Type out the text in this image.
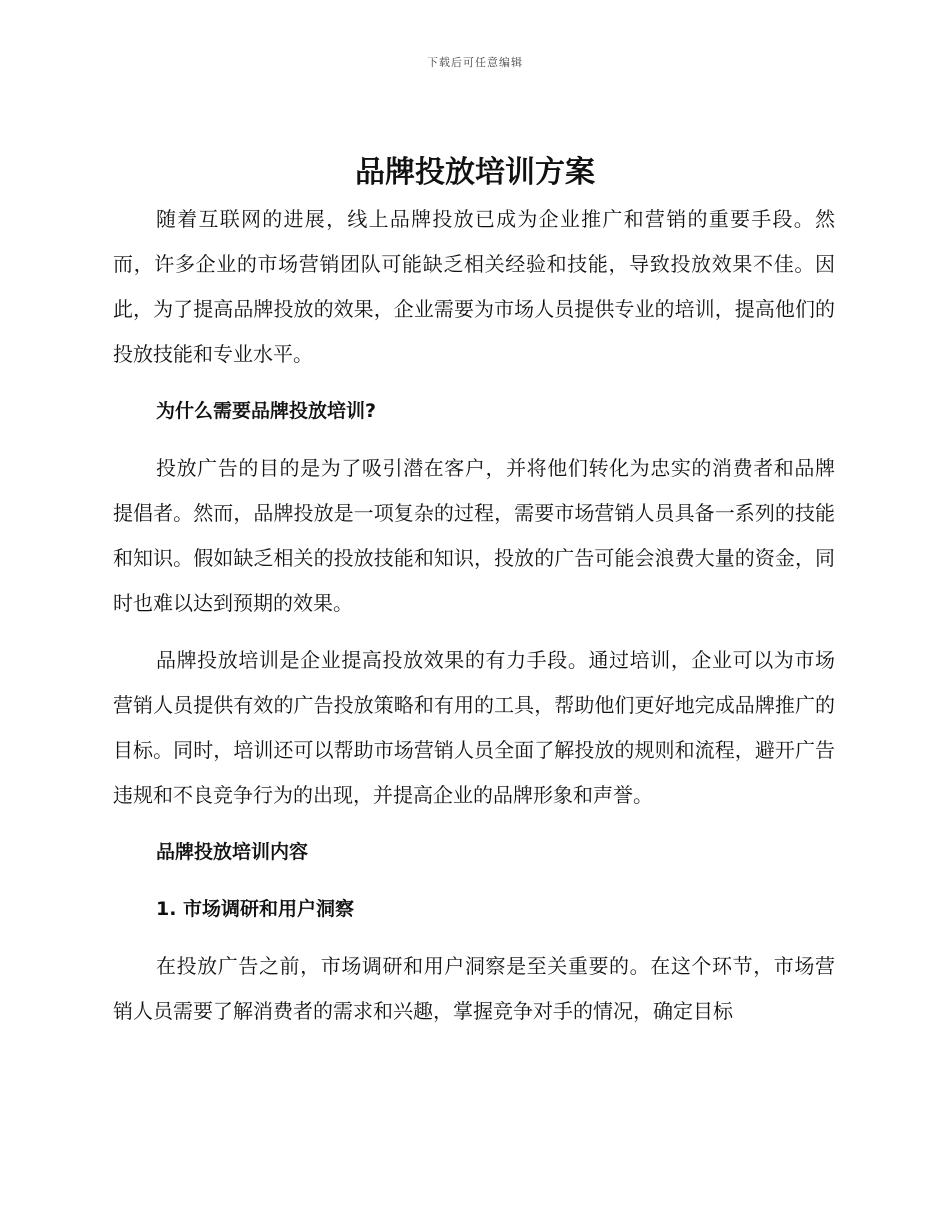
下载后可任意编辑
品牌投放培训方案

随着互联网的进展，线上品牌投放已成为企业推广和营销的重要手段。然而，许多企业的市场营销团队可能缺乏相关经验和技能，导致投放效果不佳。因此，为了提高品牌投放的效果，企业需要为市场人员提供专业的培训，提高他们的投放技能和专业水平。

为什么需要品牌投放培训?

投放广告的目的是为了吸引潜在客户，并将他们转化为忠实的消费者和品牌提倡者。然而，品牌投放是一项复杂的过程，需要市场营销人员具备一系列的技能和知识。假如缺乏相关的投放技能和知识，投放的广告可能会浪费大量的资金，同时也难以达到预期的效果。

品牌投放培训是企业提高投放效果的有力手段。通过培训，企业可以为市场营销人员提供有效的广告投放策略和有用的工具，帮助他们更好地完成品牌推广的目标。同时，培训还可以帮助市场营销人员全面了解投放的规则和流程，避开广告违规和不良竞争行为的出现，并提高企业的品牌形象和声誉。

品牌投放培训内容

1. 市场调研和用户洞察

在投放广告之前，市场调研和用户洞察是至关重要的。在这个环节，市场营销人员需要了解消费者的需求和兴趣，掌握竞争对手的情况，确定目标
